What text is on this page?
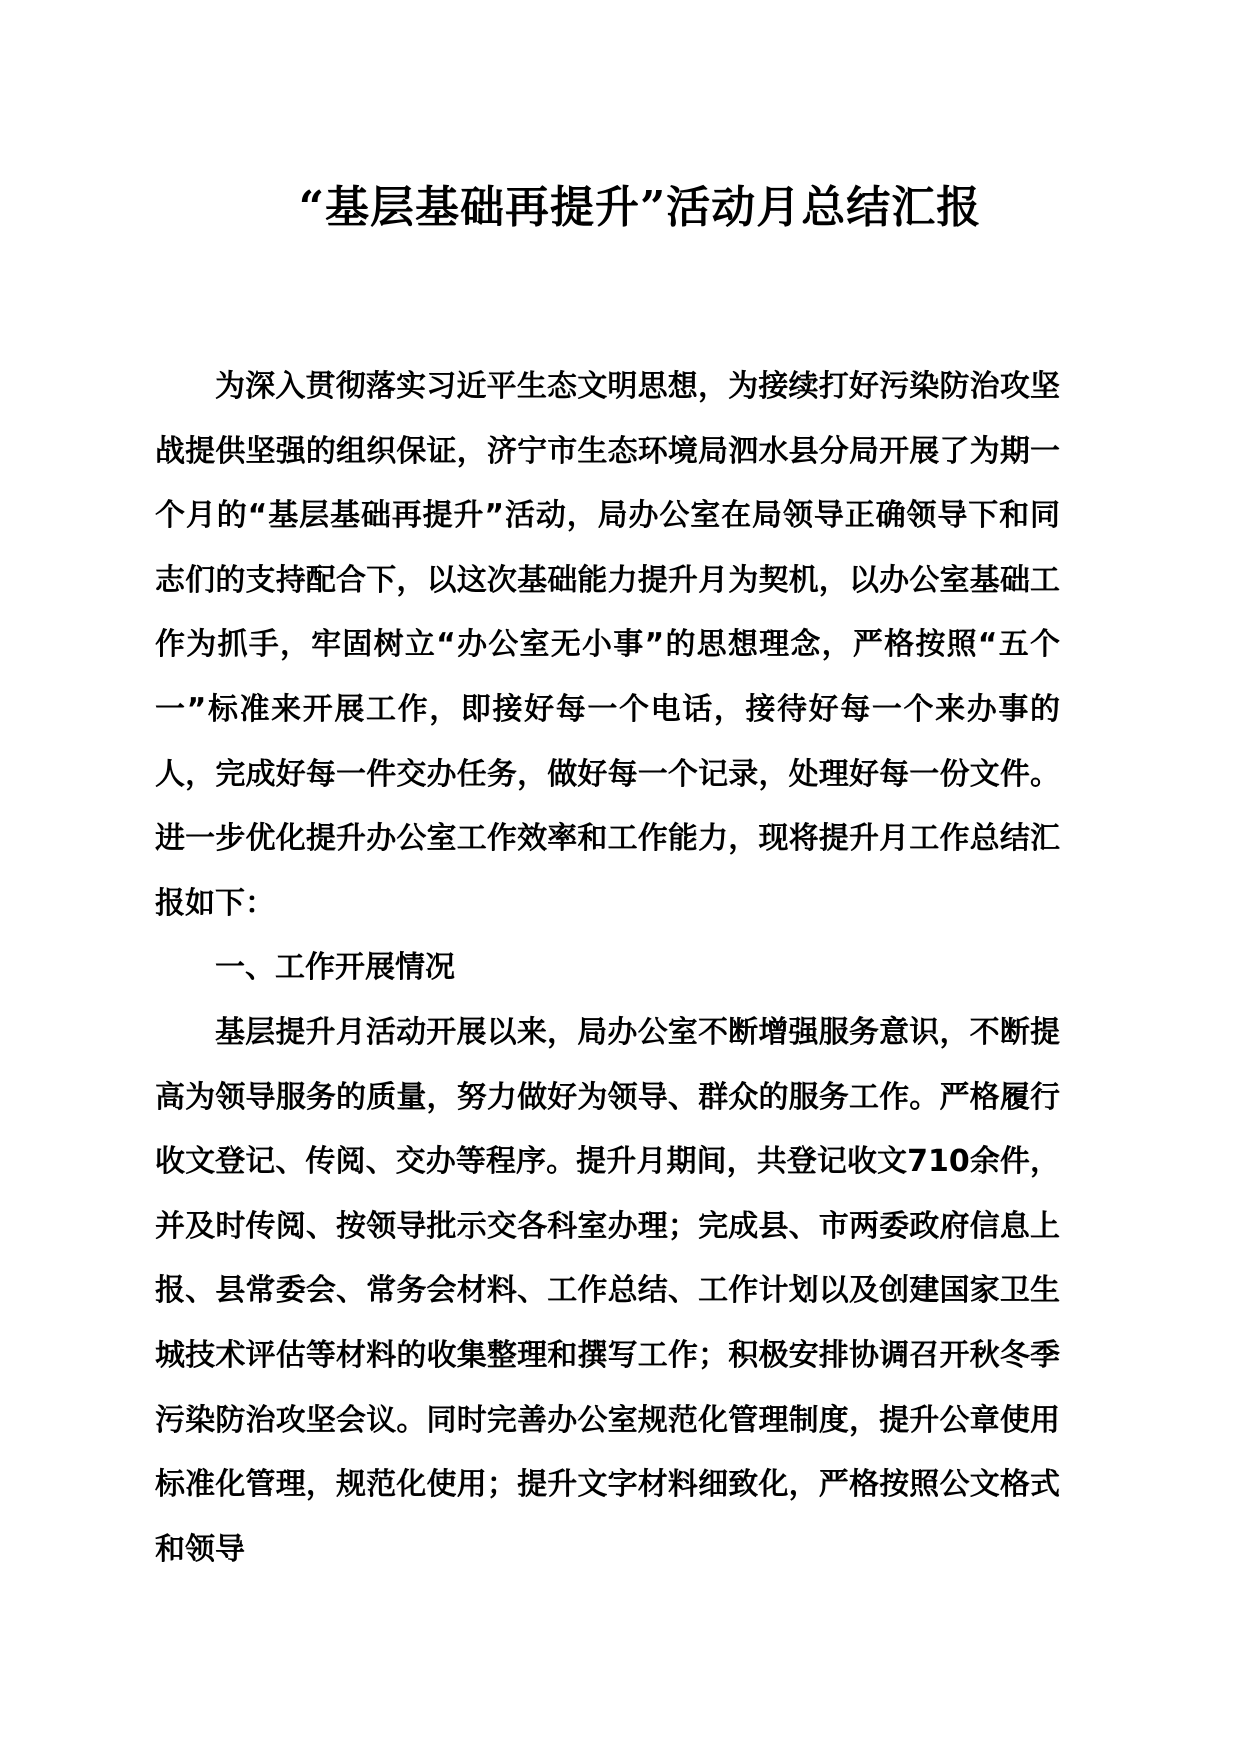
“基层基础再提升”活动月总结汇报

为深入贯彻落实习近平生态文明思想，为接续打好污染防治攻坚战提供坚强的组织保证，济宁市生态环境局泗水县分局开展了为期一个月的“基层基础再提升”活动，局办公室在局领导正确领导下和同志们的支持配合下，以这次基础能力提升月为契机，以办公室基础工作为抓手，牢固树立“办公室无小事”的思想理念，严格按照“五个一”标准来开展工作，即接好每一个电话，接待好每一个来办事的人，完成好每一件交办任务，做好每一个记录，处理好每一份文件。进一步优化提升办公室工作效率和工作能力，现将提升月工作总结汇报如下：

一、工作开展情况

基层提升月活动开展以来，局办公室不断增强服务意识，不断提高为领导服务的质量，努力做好为领导、群众的服务工作。严格履行收文登记、传阅、交办等程序。提升月期间，共登记收文710余件，并及时传阅、按领导批示交各科室办理；完成县、市两委政府信息上报、县常委会、常务会材料、工作总结、工作计划以及创建国家卫生城技术评估等材料的收集整理和撰写工作；积极安排协调召开秋冬季污染防治攻坚会议。同时完善办公室规范化管理制度，提升公章使用标准化管理，规范化使用；提升文字材料细致化，严格按照公文格式和领导
